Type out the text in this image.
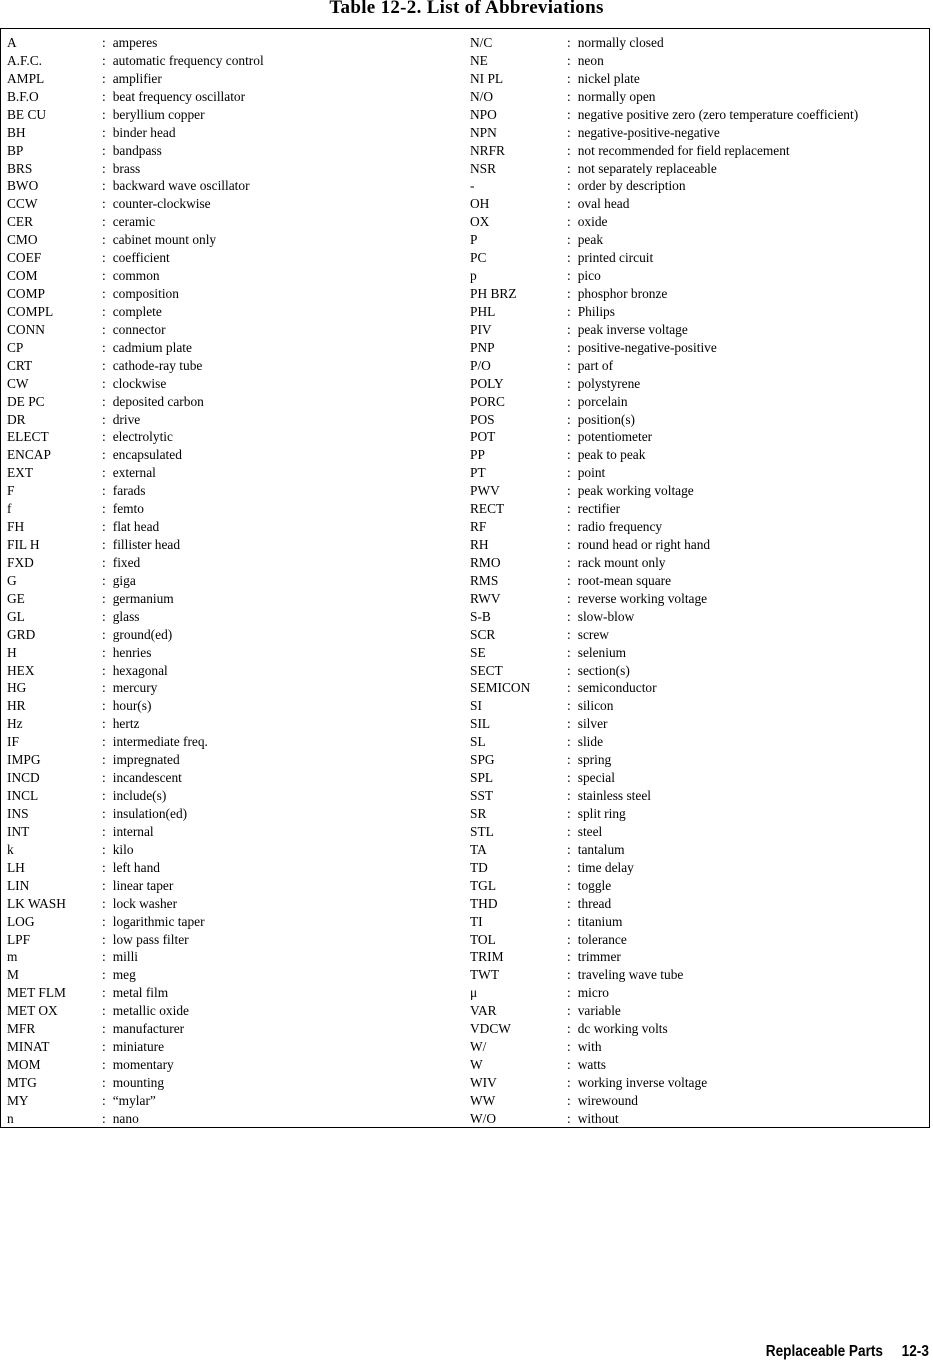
Table 12-2. List of Abbreviations
A	: amperes
A.F.C.	: automatic frequency control
AMPL	: amplifier
B.F.O	: beat frequency oscillator
BE CU	: beryllium copper
BH	: binder head
BP	: bandpass
BRS	: brass
BWO	: backward wave oscillator
CCW	: counter-clockwise
CER	: ceramic
CMO	: cabinet mount only
COEF	: coefficient
COM	: common
COMP	: composition
COMPL	: complete
CONN	: connector
CP	: cadmium plate
CRT	: cathode-ray tube
CW	: clockwise
DE PC	: deposited carbon
DR	: drive
ELECT	: electrolytic
ENCAP	: encapsulated
EXT	: external
F	: farads
f	: femto
FH	: flat head
FIL H	: fillister head
FXD	: fixed
G	: giga
GE	: germanium
GL	: glass
GRD	: ground(ed)
H	: henries
HEX	: hexagonal
HG	: mercury
HR	: hour(s)
Hz	: hertz
IF	: intermediate freq.
IMPG	: impregnated
INCD	: incandescent
INCL	: include(s)
INS	: insulation(ed)
INT	: internal
k	: kilo
LH	: left hand
LIN	: linear taper
LK WASH	: lock washer
LOG	: logarithmic taper
LPF	: low pass filter
m	: milli
M	: meg
MET FLM	: metal film
MET OX	: metallic oxide
MFR	: manufacturer
MINAT	: miniature
MOM	: momentary
MTG	: mounting
MY	: “mylar”
n	: nano
N/C	: normally closed
NE	: neon
NI PL	: nickel plate
N/O	: normally open
NPO	: negative positive zero (zero temperature coefficient)
NPN	: negative-positive-negative
NRFR	: not recommended for field replacement
NSR	: not separately replaceable
-	: order by description
OH	: oval head
OX	: oxide
P	: peak
PC	: printed circuit
p	: pico
PH BRZ	: phosphor bronze
PHL	: Philips
PIV	: peak inverse voltage
PNP	: positive-negative-positive
P/O	: part of
POLY	: polystyrene
PORC	: porcelain
POS	: position(s)
POT	: potentiometer
PP	: peak to peak
PT	: point
PWV	: peak working voltage
RECT	: rectifier
RF	: radio frequency
RH	: round head or right hand
RMO	: rack mount only
RMS	: root-mean square
RWV	: reverse working voltage
S-B	: slow-blow
SCR	: screw
SE	: selenium
SECT	: section(s)
SEMICON	: semiconductor
SI	: silicon
SIL	: silver
SL	: slide
SPG	: spring
SPL	: special
SST	: stainless steel
SR	: split ring
STL	: steel
TA	: tantalum
TD	: time delay
TGL	: toggle
THD	: thread
TI	: titanium
TOL	: tolerance
TRIM	: trimmer
TWT	: traveling wave tube
μ	: micro
VAR	: variable
VDCW	: dc working volts
W/	: with
W	: watts
WIV	: working inverse voltage
WW	: wirewound
W/O	: without
Replaceable Parts 12-3
